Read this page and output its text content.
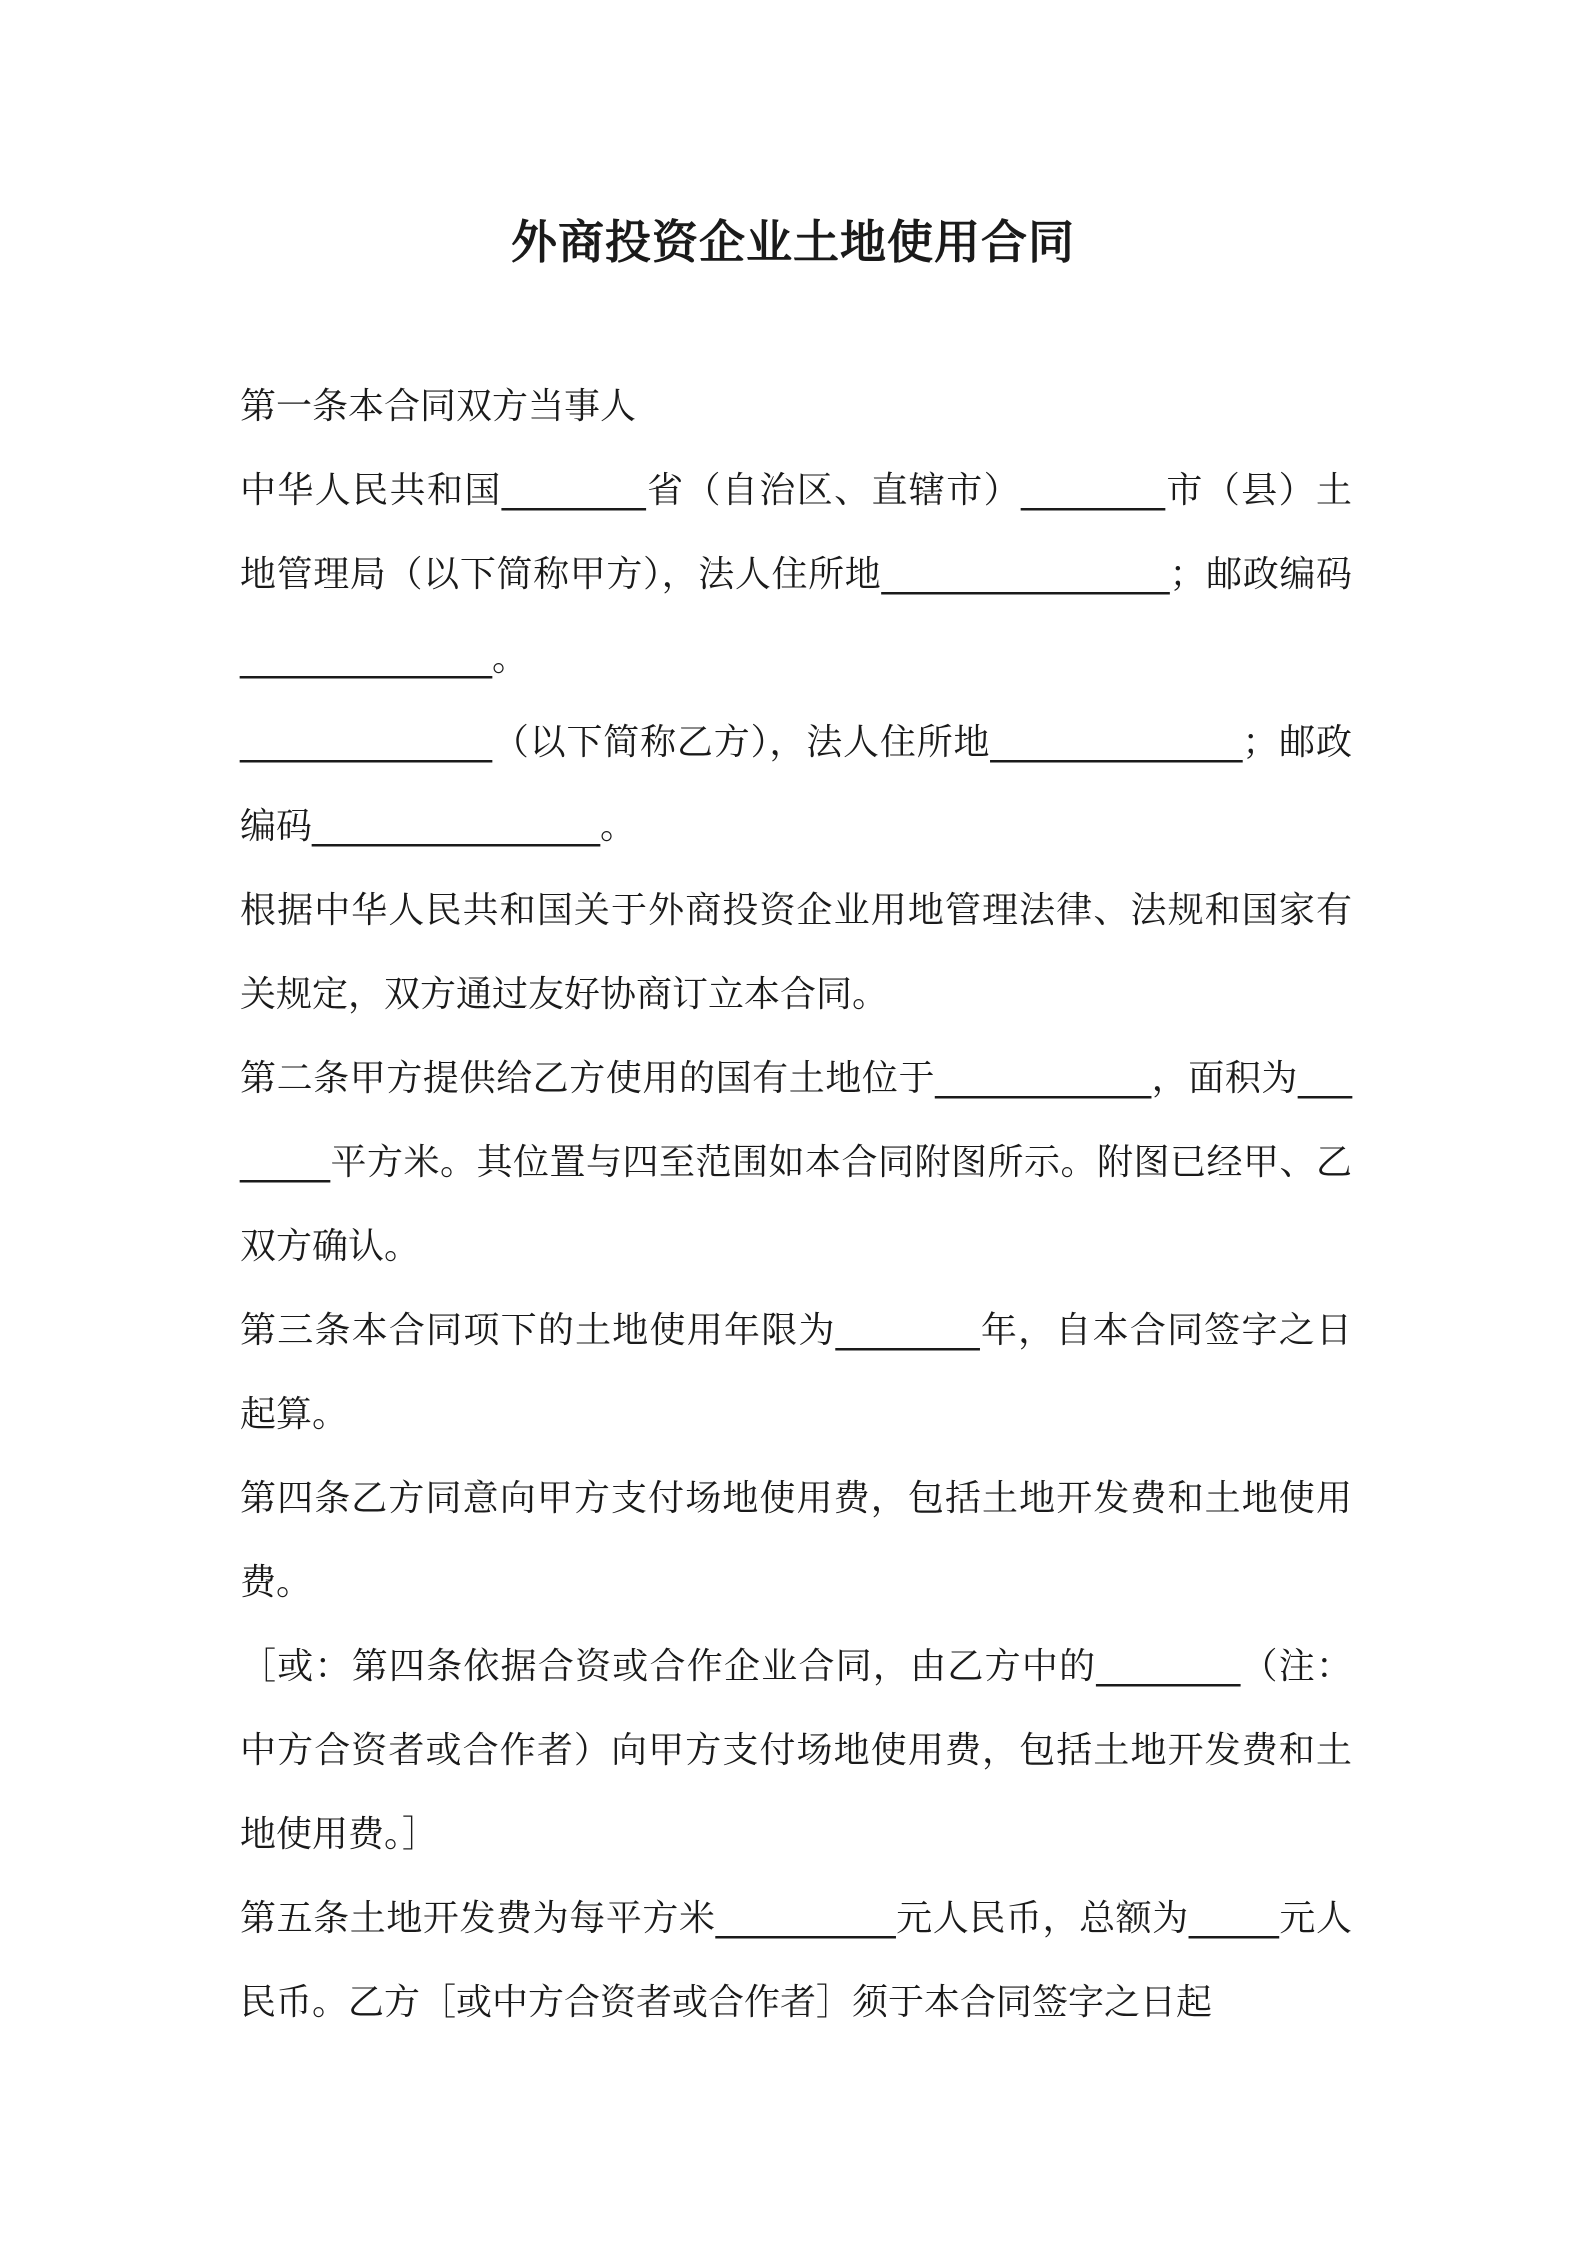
外商投资企业土地使用合同

第一条本合同双方当事人

中华人民共和国________省（自治区、直辖市）________市（县）土地管理局（以下简称甲方），法人住所地________________；邮政编码______________。

______________（以下简称乙方），法人住所地______________；邮政编码________________。

根据中华人民共和国关于外商投资企业用地管理法律、法规和国家有关规定，双方通过友好协商订立本合同。

第二条甲方提供给乙方使用的国有土地位于____________，面积为________平方米。其位置与四至范围如本合同附图所示。附图已经甲、乙双方确认。

第三条本合同项下的土地使用年限为________年，自本合同签字之日起算。

第四条乙方同意向甲方支付场地使用费，包括土地开发费和土地使用费。

［或：第四条依据合资或合作企业合同，由乙方中的________（注：中方合资者或合作者）向甲方支付场地使用费，包括土地开发费和土地使用费。］

第五条土地开发费为每平方米__________元人民币，总额为_____元人民币。乙方［或中方合资者或合作者］须于本合同签字之日起
